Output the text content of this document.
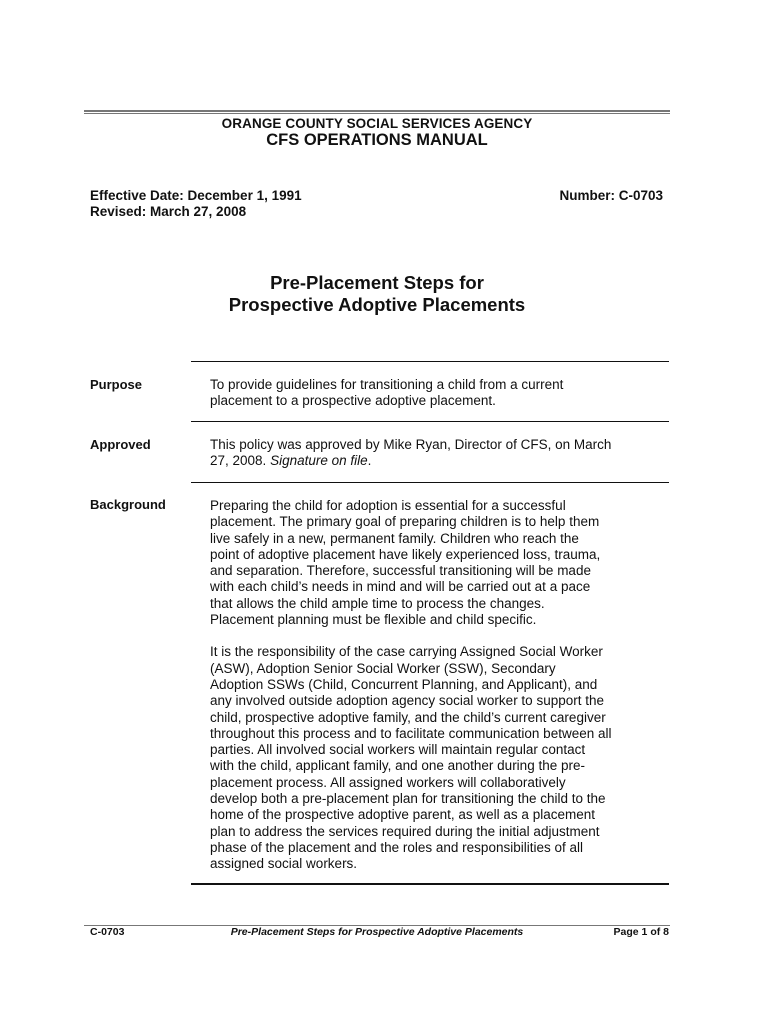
ORANGE COUNTY SOCIAL SERVICES AGENCY
CFS OPERATIONS MANUAL
Effective Date: December 1, 1991
Revised: March 27, 2008
Number: C-0703
Pre-Placement Steps for
Prospective Adoptive Placements
Purpose	To provide guidelines for transitioning a child from a current
placement to a prospective adoptive placement.

Approved	This policy was approved by Mike Ryan, Director of CFS, on March
27, 2008. Signature on file.

Background	Preparing the child for adoption is essential for a successful
placement. The primary goal of preparing children is to help them
live safely in a new, permanent family. Children who reach the
point of adoptive placement have likely experienced loss, trauma,
and separation. Therefore, successful transitioning will be made
with each child’s needs in mind and will be carried out at a pace
that allows the child ample time to process the changes.
Placement planning must be flexible and child specific.

It is the responsibility of the case carrying Assigned Social Worker
(ASW), Adoption Senior Social Worker (SSW), Secondary
Adoption SSWs (Child, Concurrent Planning, and Applicant), and
any involved outside adoption agency social worker to support the
child, prospective adoptive family, and the child’s current caregiver
throughout this process and to facilitate communication between all
parties. All involved social workers will maintain regular contact
with the child, applicant family, and one another during the pre-
placement process. All assigned workers will collaboratively
develop both a pre-placement plan for transitioning the child to the
home of the prospective adoptive parent, as well as a placement
plan to address the services required during the initial adjustment
phase of the placement and the roles and responsibilities of all
assigned social workers.

C-0703	Pre-Placement Steps for Prospective Adoptive Placements	Page 1 of 8
